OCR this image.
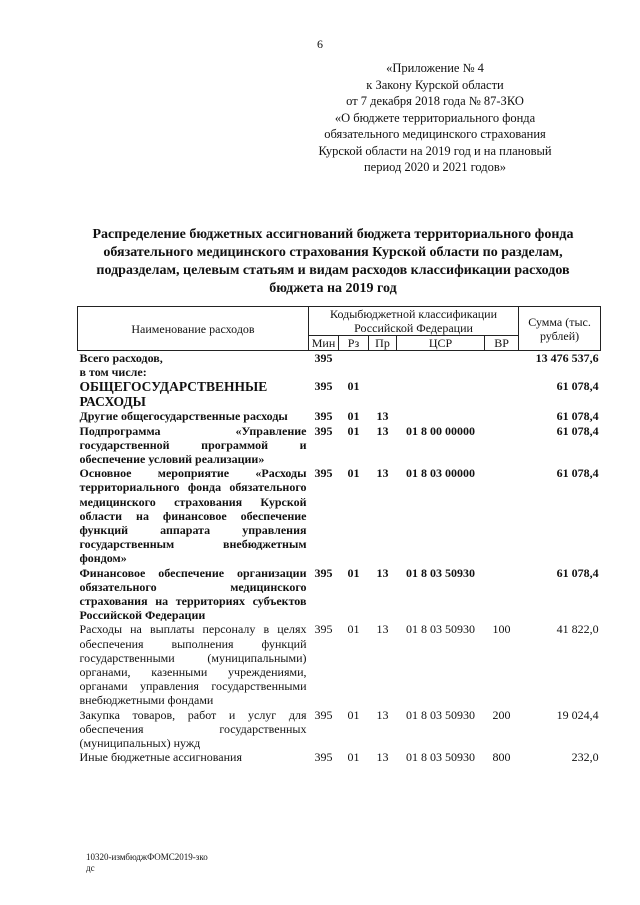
6
«Приложение № 4
к Закону Курской области
от 7 декабря 2018 года № 87-ЗКО
«О бюджете территориального фонда
обязательного медицинского страхования
Курской области на 2019 год и на плановый
период 2020 и 2021 годов»
Распределение бюджетных ассигнований бюджета территориального фонда обязательного медицинского страхования Курской области по разделам, подразделам, целевым статьям и видам расходов классификации расходов бюджета на 2019 год
Наименование расходов	Кодыбюджетной классификации Российской Федерации					Сумма (тыс. рублей)
	Мин	Рз	Пр	ЦСР	ВР	
Всего расходов,
в том числе:	395					13 476 537,6
ОБЩЕГОСУДАРСТВЕННЫЕ РАСХОДЫ	395	01				61 078,4
Другие общегосударственные расходы	395	01	13			61 078,4
Подпрограмма «Управление государственной программой и обеспечение условий реализации»	395	01	13	01 8 00 00000		61 078,4
Основное мероприятие «Расходы территориального фонда обязательного медицинского страхования Курской области на финансовое обеспечение функций аппарата управления государственным внебюджетным фондом»	395	01	13	01 8 03 00000		61 078,4
Финансовое обеспечение организации обязательного медицинского страхования на территориях субъектов Российской Федерации	395	01	13	01 8 03 50930		61 078,4
Расходы на выплаты персоналу в целях обеспечения выполнения функций государственными (муниципальными) органами, казенными учреждениями, органами управления государственными внебюджетными фондами	395	01	13	01 8 03 50930	100	41 822,0
Закупка товаров, работ и услуг для обеспечения государственных (муниципальных) нужд	395	01	13	01 8 03 50930	200	19 024,4
Иные бюджетные ассигнования	395	01	13	01 8 03 50930	800	232,0
10320-измбюджФОМС2019-зко
дс
